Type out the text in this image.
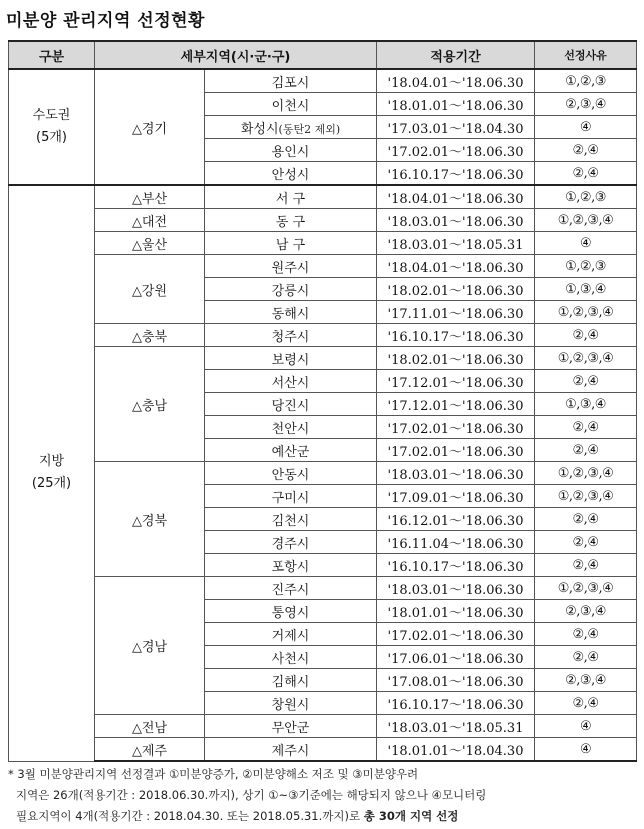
미분양 관리지역 선정현황
구분	세부지역(시·군·구)		적용기간	선정사유

수도권
(5개)	△경기	김포시	'18.04.01～'18.06.30	①,②,③
		이천시	'18.01.01～'18.06.30	②,③,④
		화성시(동탄2 제외)	'17.03.01～'18.04.30	④
		용인시	'17.02.01～'18.06.30	②,④
		안성시	'16.10.17～'18.06.30	②,④

지방
(25개)	△부산	서 구	'18.04.01～'18.06.30	①,②,③
	△대전	동 구	'18.03.01～'18.06.30	①,②,③,④
	△울산	남 구	'18.03.01～'18.05.31	④
	△강원	원주시	'18.04.01～'18.06.30	①,②,③
		강릉시	'18.02.01～'18.06.30	①,③,④
		동해시	'17.11.01～'18.06.30	①,②,③,④
	△충북	청주시	'16.10.17～'18.06.30	②,④
	△충남	보령시	'18.02.01～'18.06.30	①,②,③,④
		서산시	'17.12.01～'18.06.30	②,④
		당진시	'17.12.01～'18.06.30	①,③,④
		천안시	'17.02.01～'18.06.30	②,④
		예산군	'17.02.01～'18.06.30	②,④
	△경북	안동시	'18.03.01～'18.06.30	①,②,③,④
		구미시	'17.09.01～'18.06.30	①,②,③,④
		김천시	'16.12.01～'18.06.30	②,④
		경주시	'16.11.04～'18.06.30	②,④
		포항시	'16.10.17～'18.06.30	②,④
	△경남	진주시	'18.03.01～'18.06.30	①,②,③,④
		통영시	'18.01.01～'18.06.30	②,③,④
		거제시	'17.02.01～'18.06.30	②,④
		사천시	'17.06.01～'18.06.30	②,④
		김해시	'17.08.01～'18.06.30	②,③,④
		창원시	'16.10.17～'18.06.30	②,④
	△전남	무안군	'18.03.01～'18.05.31	④
	△제주	제주시	'18.01.01～'18.04.30	④
* 3월 미분양관리지역 선정결과 ①미분양증가, ②미분양해소 저조 및 ③미분양우려
지역은 26개(적용기간 : 2018.06.30.까지), 상기 ①~③기준에는 해당되지 않으나 ④모니터링
필요지역이 4개(적용기간 : 2018.04.30. 또는 2018.05.31.까지)로 총 30개 지역 선정
